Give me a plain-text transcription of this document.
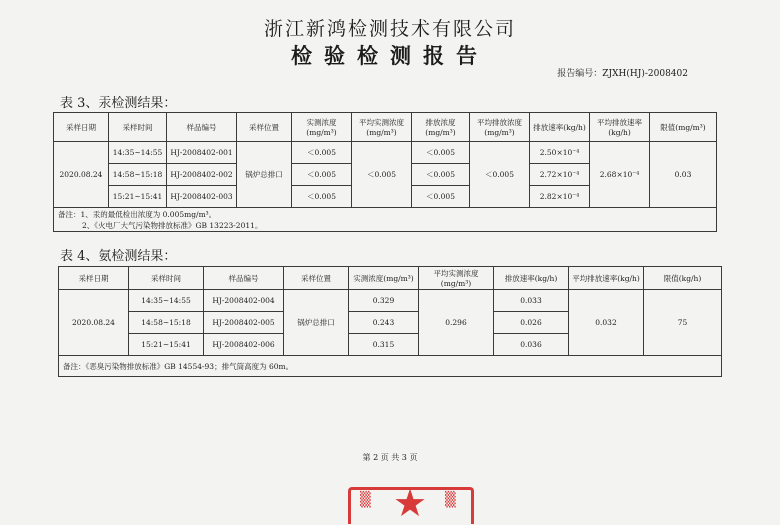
浙江新鸿检测技术有限公司
检验检测报告
报告编号：ZJXH(HJ)-2008402
表 3、汞检测结果：
采样日期	采样时间	样品编号	采样位置	实测浓度(mg/m³)	平均实测浓度(mg/m³)	排放浓度(mg/m³)	平均排放浓度(mg/m³)	排放速率(kg/h)	平均排放速率(kg/h)	限值(mg/m³)
2020.08.24	14:35~14:55	HJ-2008402-001	锅炉总排口	＜0.005	＜0.005	＜0.005	＜0.005	2.50×10⁻⁴	2.68×10⁻⁴	0.03
	14:58~15:18	HJ-2008402-002		＜0.005		＜0.005		2.72×10⁻⁴		
	15:21~15:41	HJ-2008402-003		＜0.005		＜0.005		2.82×10⁻⁴		

备注：1、汞的最低检出浓度为 0.005mg/m³。
2、《火电厂大气污染物排放标准》GB 13223-2011。										
表 4、氨检测结果：
采样日期	采样时间	样品编号	采样位置	实测浓度(mg/m³)	平均实测浓度(mg/m³)	排放速率(kg/h)	平均排放速率(kg/h)	限值(kg/h)
2020.08.24	14:35~14:55	HJ-2008402-004	锅炉总排口	0.329	0.296	0.033	0.032	75
	14:58~15:18	HJ-2008402-005		0.243		0.026		
	15:21~15:41	HJ-2008402-006		0.315		0.036		
备注：《恶臭污染物排放标准》GB 14554-93；排气筒高度为 60m。								
第 2 页 共 3 页
★
▒	▒
